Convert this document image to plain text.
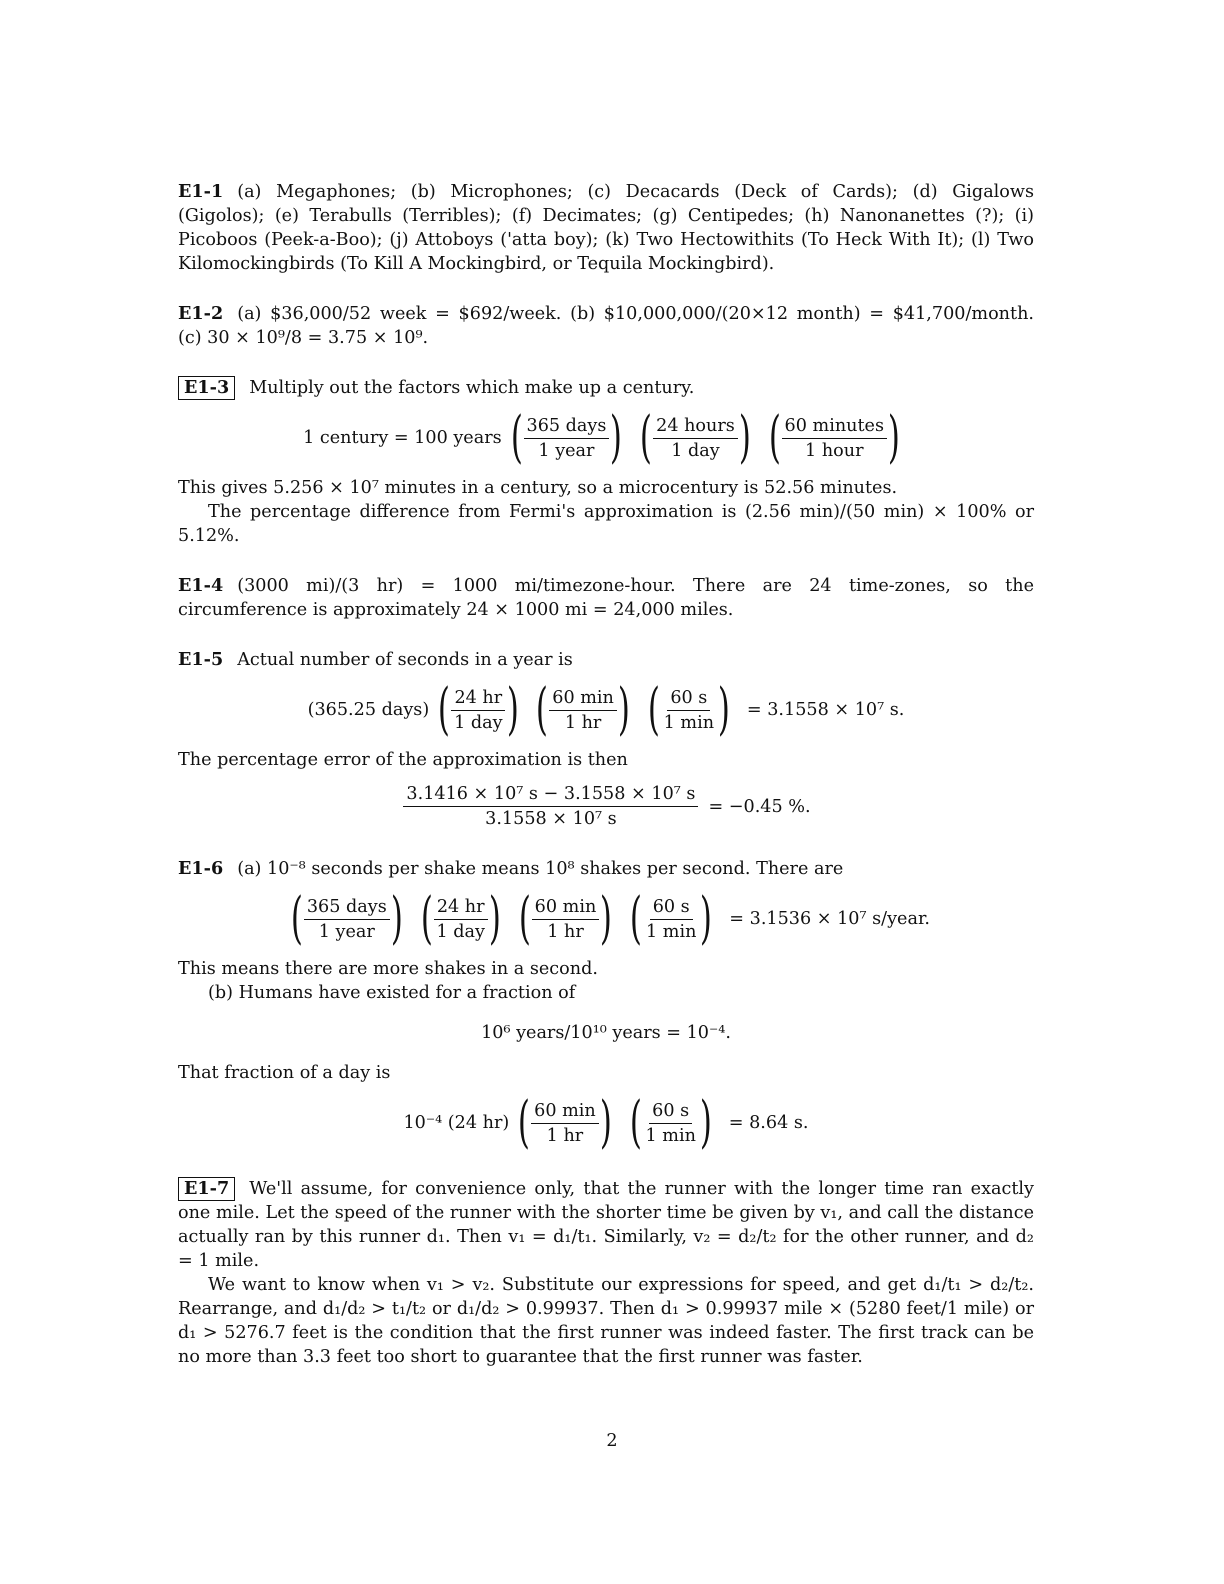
E1-1 (a) Megaphones; (b) Microphones; (c) Decacards (Deck of Cards); (d) Gigalows (Gigolos); (e) Terabulls (Terribles); (f) Decimates; (g) Centipedes; (h) Nanonanettes (?); (i) Picoboos (Peek-a-Boo); (j) Attoboys ('atta boy); (k) Two Hectowithits (To Heck With It); (l) Two Kilomockingbirds (To Kill A Mockingbird, or Tequila Mockingbird).

E1-2 (a) $36,000/52 week = $692/week. (b) $10,000,000/(20×12 month) = $41,700/month. (c) 30 × 10⁹/8 = 3.75 × 10⁹.

E1-3 Multiply out the factors which make up a century.

1 century = 100 years ( $\frac{\text{365 days}}{\text{1 year}}$ ) ( $\frac{\text{24 hours}}{\text{1 day}}$ ) ( $\frac{\text{60 minutes}}{\text{1 hour}}$ )

This gives 5.256 × 10⁷ minutes in a century, so a microcentury is 52.56 minutes.

The percentage difference from Fermi's approximation is (2.56 min)/(50 min) × 100% or 5.12%.

E1-4 (3000 mi)/(3 hr) = 1000 mi/timezone-hour. There are 24 time-zones, so the circumference is approximately 24 × 1000 mi = 24,000 miles.

E1-5 Actual number of seconds in a year is

(365.25 days) ( $\frac{24 hr}{\text{1 day}}$ ) ( $\frac{60 \min}{1 hr}$ ) ( $\frac{60 s}{1 \min}$ ) = 3.1558 × 10⁷ s.

The percentage error of the approximation is then

$\frac{\text{3.1416 × 10⁷ s − 3.1558 × 10⁷ s}}{\text{3.1558 × 10⁷ s}} = -0.45$ %.

E1-6 (a) 10⁻⁸ seconds per shake means 10⁸ shakes per second. There are

( $\frac{\text{365 days}}{\text{1 year}}$ ) ( $\frac{24 hr}{\text{1 day}}$ ) ( $\frac{60 \min}{1 hr}$ ) ( $\frac{60 s}{1 \min}$ ) = 3.1536 × 10⁷ s/year.

This means there are more shakes in a second.

(b) Humans have existed for a fraction of

10⁶ years/10¹⁰ years = 10⁻⁴.

That fraction of a day is

10⁻⁴ (24 hr) ( $\frac{60 \min}{1 hr}$ ) ( $\frac{60 s}{1 \min}$ ) = 8.64 s.

E1-7 We'll assume, for convenience only, that the runner with the longer time ran exactly one mile. Let the speed of the runner with the shorter time be given by v₁, and call the distance actually ran by this runner d₁. Then v₁ = d₁/t₁. Similarly, v₂ = d₂/t₂ for the other runner, and d₂ = 1 mile.

We want to know when v₁ > v₂. Substitute our expressions for speed, and get d₁/t₁ > d₂/t₂. Rearrange, and d₁/d₂ > t₁/t₂ or d₁/d₂ > 0.99937. Then d₁ > 0.99937 mile × (5280 feet/1 mile) or d₁ > 5276.7 feet is the condition that the first runner was indeed faster. The first track can be no more than 3.3 feet too short to guarantee that the first runner was faster.

2
